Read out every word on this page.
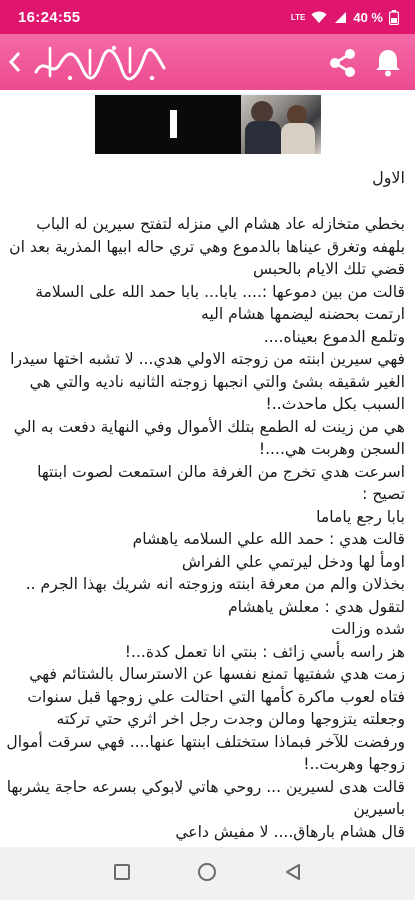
16:24:55	LTE	40 %
الاول
بخطي متخازله عاد هشام الي منزله لتفتح سيرين له الباب بلهفه وتغرق عيناها بالدموع وهي تري حاله ابيها المذرية بعد ان قضي تلك الايام بالحبس
قالت من بين دموعها :.... بابا... بابا حمد الله على السلامة
ارتمت بحضنه ليضمها هشام اليه
وتلمع الدموع بعيناه....
فهي سيرين ابنته من زوجته الاولي هدي... لا تشبه اختها سيدرا الغير شقيقه بشئ والتي انجبها زوجته الثانيه ناديه والتي هي السبب بكل ماحدث..!
هي من زينت له الطمع بتلك الأموال وفي النهاية دفعت به الي السجن وهربت هي....!
اسرعت هدي تخرج من الغرفة مالن استمعت لصوت ابنتها تصيح :
بابا رجع ياماما
قالت هدي : حمد الله علي السلامه ياهشام
اومأ لها ودخل ليرتمي علي الفراش
بخذلان والم من معرفة ابنته وزوجته انه شريك بهذا الجرم ..
لتقول هدي : معلش ياهشام
شده وزالت
هز راسه بأسي زائف : بنتي انا تعمل كدة...!
زمت هدي شفتيها تمنع نفسها عن الاسترسال بالشتائم فهي فتاه لعوب ماكرة كأمها التي احتالت علي زوجها قبل سنوات وجعلته يتزوجها ومالن وجدت رجل اخر اثري حتي تركته ورفضت للآخر فبماذا ستختلف ابنتها عنها.... فهي سرقت أموال زوجها وهربت..!
قالت هدى لسيرين ... روحي هاتي لابوكي بسرعه حاجة يشربها باسيرين
قال هشام بارهاق.... لا مفيش داعي
